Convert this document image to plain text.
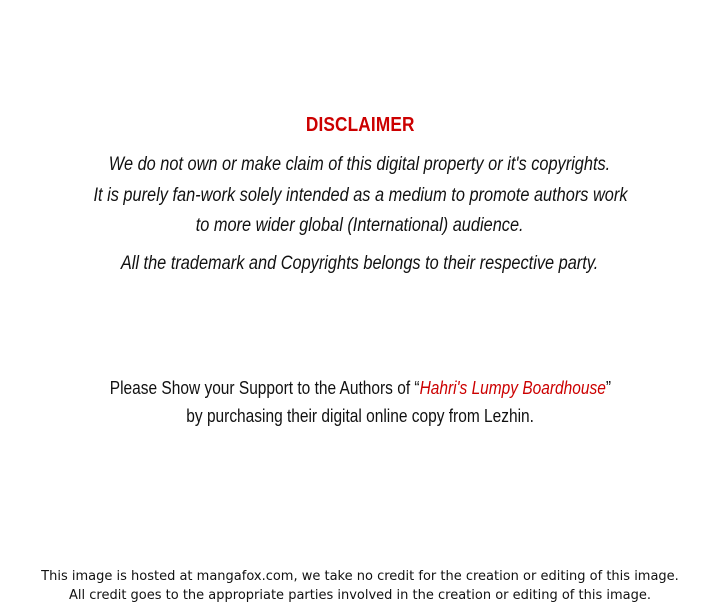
DISCLAIMER
We do not own or make claim of this digital property or it's copyrights.
It is purely fan-work solely intended as a medium to promote authors work
to more wider global (International) audience.
All the trademark and Copyrights belongs to their respective party.
Please Show your Support to the Authors of “Hahri's Lumpy Boardhouse”
by purchasing their digital online copy from Lezhin.
This image is hosted at mangafox.com, we take no credit for the creation or editing of this image.
All credit goes to the appropriate parties involved in the creation or editing of this image.
